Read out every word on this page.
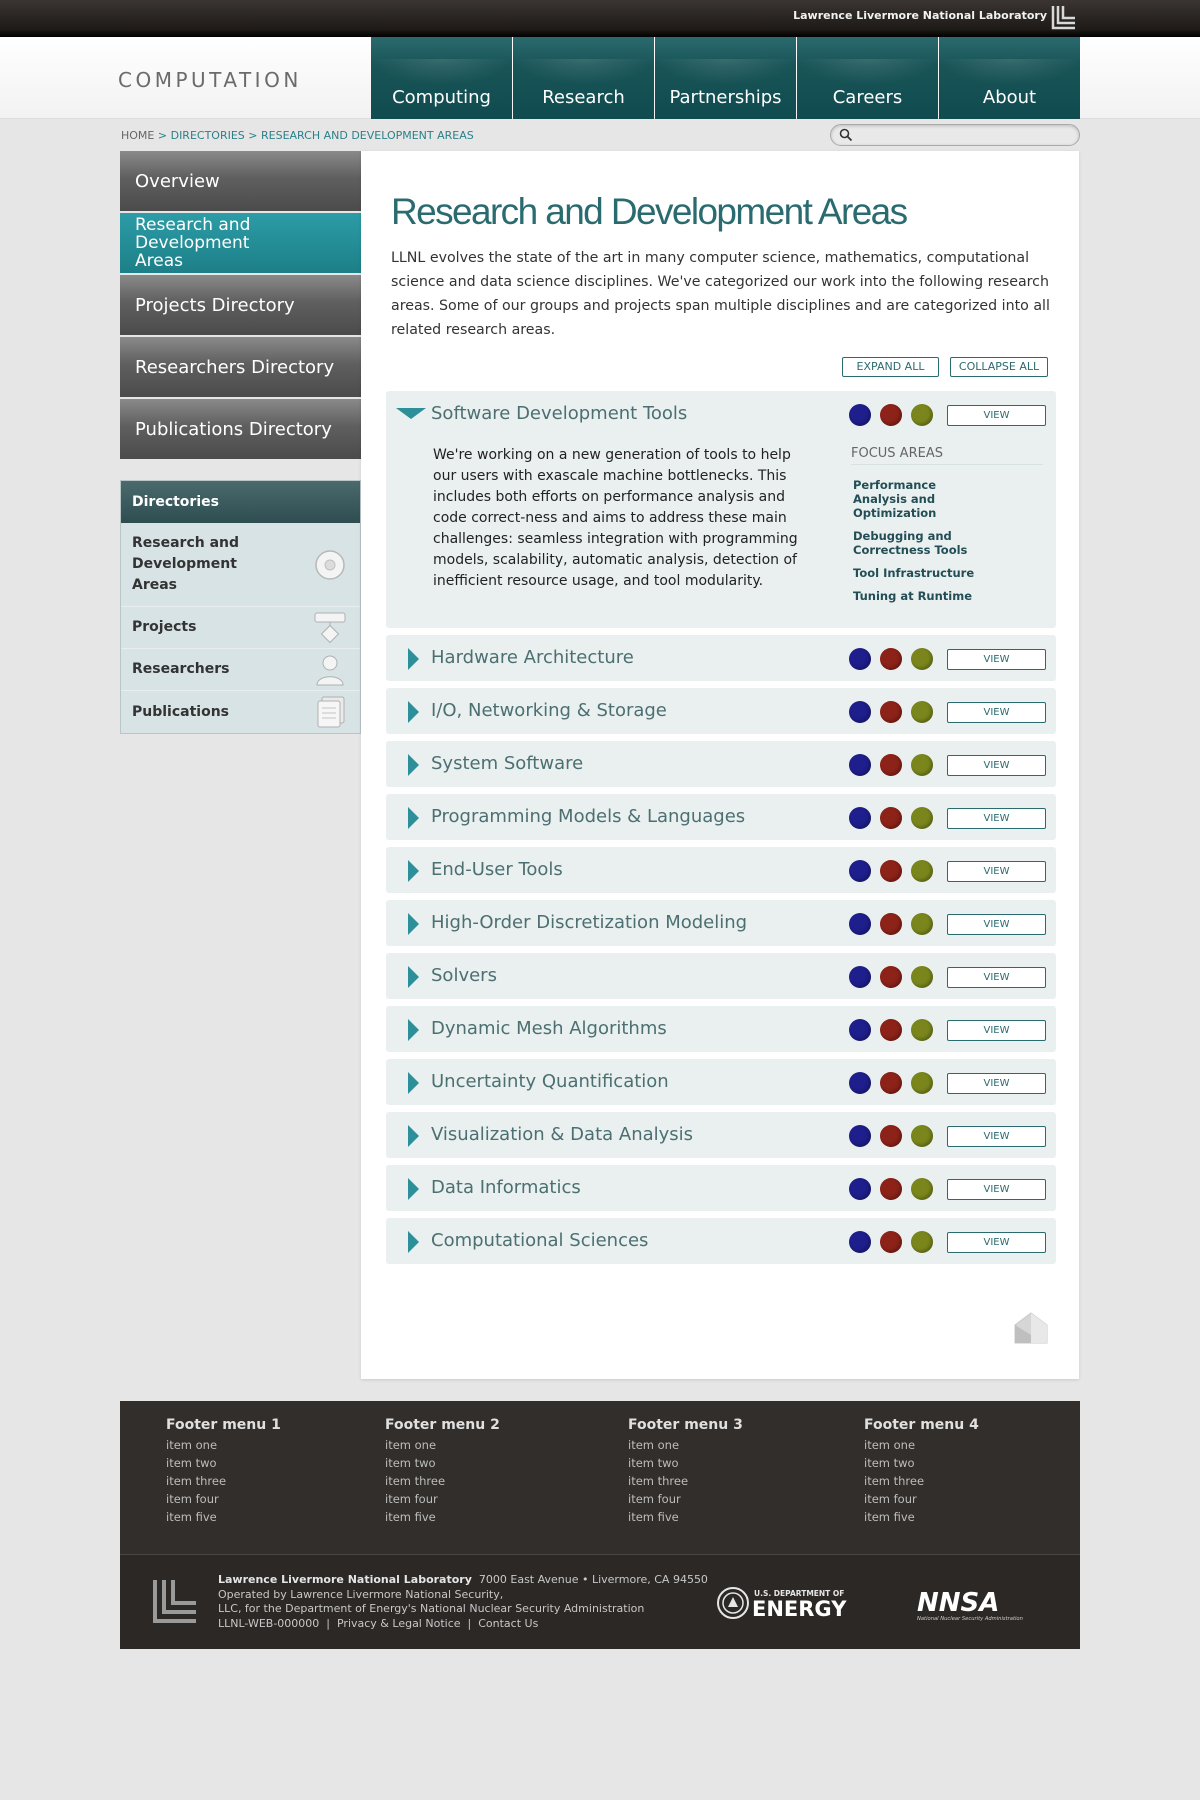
Lawrence Livermore National Laboratory
COMPUTATION
Computing	Research	Partnerships	Careers	About
HOME > DIRECTORIES > RESEARCH AND DEVELOPMENT AREAS
Overview
Research and Development Areas
Projects Directory
Researchers Directory
Publications Directory
Directories
Research and Development Areas
Projects
Researchers
Publications
Research and Development Areas

LLNL evolves the state of the art in many computer science, mathematics, computational science and data science disciplines. We've categorized our work into the following research areas. Some of our groups and projects span multiple disciplines and are categorized into all related research areas.

EXPAND ALL	COLLAPSE ALL
Software Development Tools	VIEW

We're working on a new generation of tools to help our users with exascale machine bottlenecks. This includes both efforts on performance analysis and code correct-ness and aims to address these main challenges: seamless integration with programming models, scalability, automatic analysis, detection of inefficient resource usage, and tool modularity.

FOCUS AREAS
Performance Analysis and Optimization
Debugging and Correctness Tools
Tool Infrastructure
Tuning at Runtime
Hardware Architecture	VIEW
I/O, Networking & Storage	VIEW
System Software	VIEW
Programming Models & Languages	VIEW
End-User Tools	VIEW
High-Order Discretization Modeling	VIEW
Solvers	VIEW
Dynamic Mesh Algorithms	VIEW
Uncertainty Quantification	VIEW
Visualization & Data Analysis	VIEW
Data Informatics	VIEW
Computational Sciences	VIEW
Footer menu 1
item one
item two
item three
item four
item five
Footer menu 2
item one
item two
item three
item four
item five
Footer menu 3
item one
item two
item three
item four
item five
Footer menu 4
item one
item two
item three
item four
item five
Lawrence Livermore National Laboratory 7000 East Avenue • Livermore, CA 94550
Operated by Lawrence Livermore National Security,
LLC, for the Department of Energy's National Nuclear Security Administration
LLNL-WEB-000000  |  Privacy & Legal Notice  |  Contact Us
U.S. DEPARTMENT OF
ENERGY	NNSA
National Nuclear Security Administration
